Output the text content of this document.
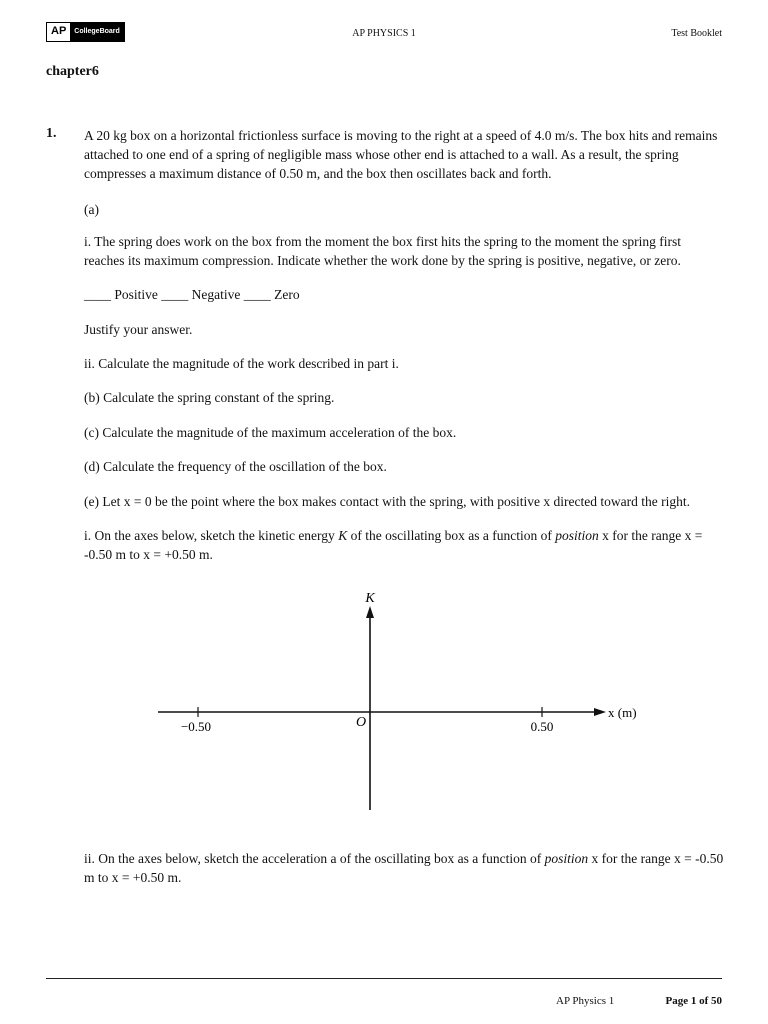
AP	CollegeBoard	AP PHYSICS 1	Test Booklet
chapter6
1. A 20 kg box on a horizontal frictionless surface is moving to the right at a speed of 4.0 m/s. The box hits and remains attached to one end of a spring of negligible mass whose other end is attached to a wall. As a result, the spring compresses a maximum distance of 0.50 m, and the box then oscillates back and forth.
(a)
i. The spring does work on the box from the moment the box first hits the spring to the moment the spring first reaches its maximum compression. Indicate whether the work done by the spring is positive, negative, or zero.
____ Positive ____ Negative ____ Zero
Justify your answer.
ii. Calculate the magnitude of the work described in part i.
(b) Calculate the spring constant of the spring.
(c) Calculate the magnitude of the maximum acceleration of the box.
(d) Calculate the frequency of the oscillation of the box.
(e) Let x = 0 be the point where the box makes contact with the spring, with positive x directed toward the right.
i. On the axes below, sketch the kinetic energy K of the oscillating box as a function of position x for the range x = -0.50 m to x = +0.50 m.
K
x (m)
O
−0.50	0.50
ii. On the axes below, sketch the acceleration a of the oscillating box as a function of position x for the range x = -0.50 m to x = +0.50 m.
AP Physics 1	Page 1 of 50
